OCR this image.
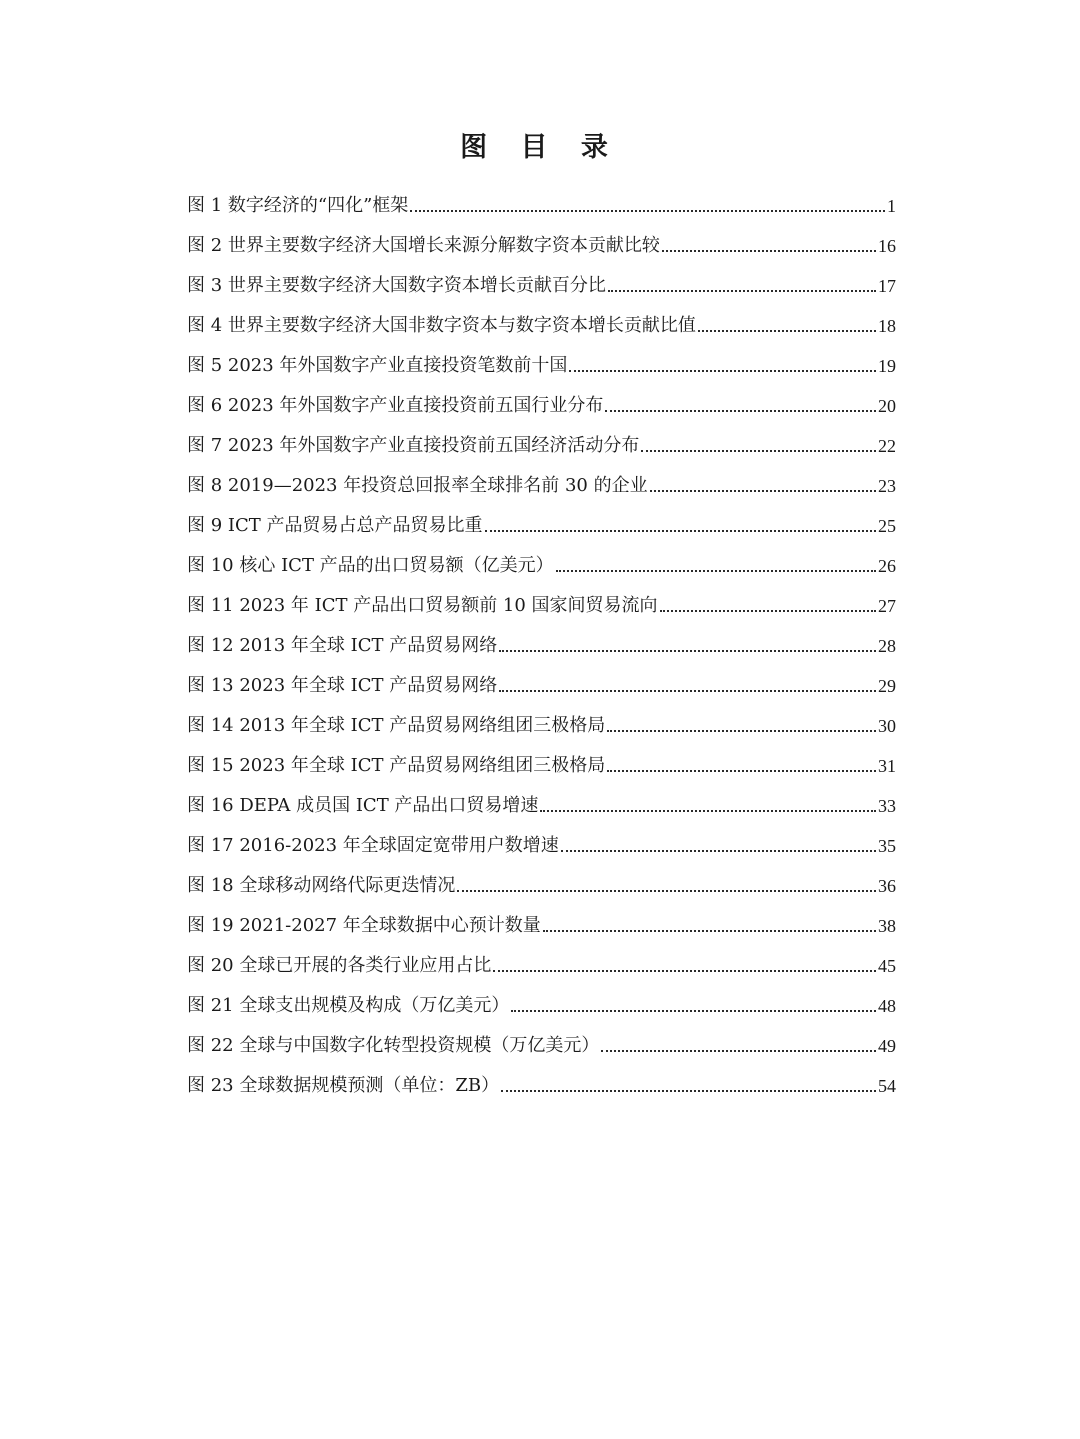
图 目 录
图 1 数字经济的“四化”框架	1
图 2 世界主要数字经济大国增长来源分解数字资本贡献比较	16
图 3 世界主要数字经济大国数字资本增长贡献百分比	17
图 4 世界主要数字经济大国非数字资本与数字资本增长贡献比值	18
图 5 2023 年外国数字产业直接投资笔数前十国	19
图 6 2023 年外国数字产业直接投资前五国行业分布	20
图 7 2023 年外国数字产业直接投资前五国经济活动分布	22
图 8 2019—2023 年投资总回报率全球排名前 30 的企业	23
图 9 ICT 产品贸易占总产品贸易比重	25
图 10 核心 ICT 产品的出口贸易额（亿美元）	26
图 11 2023 年 ICT 产品出口贸易额前 10 国家间贸易流向	27
图 12 2013 年全球 ICT 产品贸易网络	28
图 13 2023 年全球 ICT 产品贸易网络	29
图 14 2013 年全球 ICT 产品贸易网络组团三极格局	30
图 15 2023 年全球 ICT 产品贸易网络组团三极格局	31
图 16 DEPA 成员国 ICT 产品出口贸易增速	33
图 17 2016-2023 年全球固定宽带用户数增速	35
图 18 全球移动网络代际更迭情况	36
图 19 2021-2027 年全球数据中心预计数量	38
图 20 全球已开展的各类行业应用占比	45
图 21 全球支出规模及构成（万亿美元）	48
图 22 全球与中国数字化转型投资规模（万亿美元）	49
图 23 全球数据规模预测（单位：ZB）	54
